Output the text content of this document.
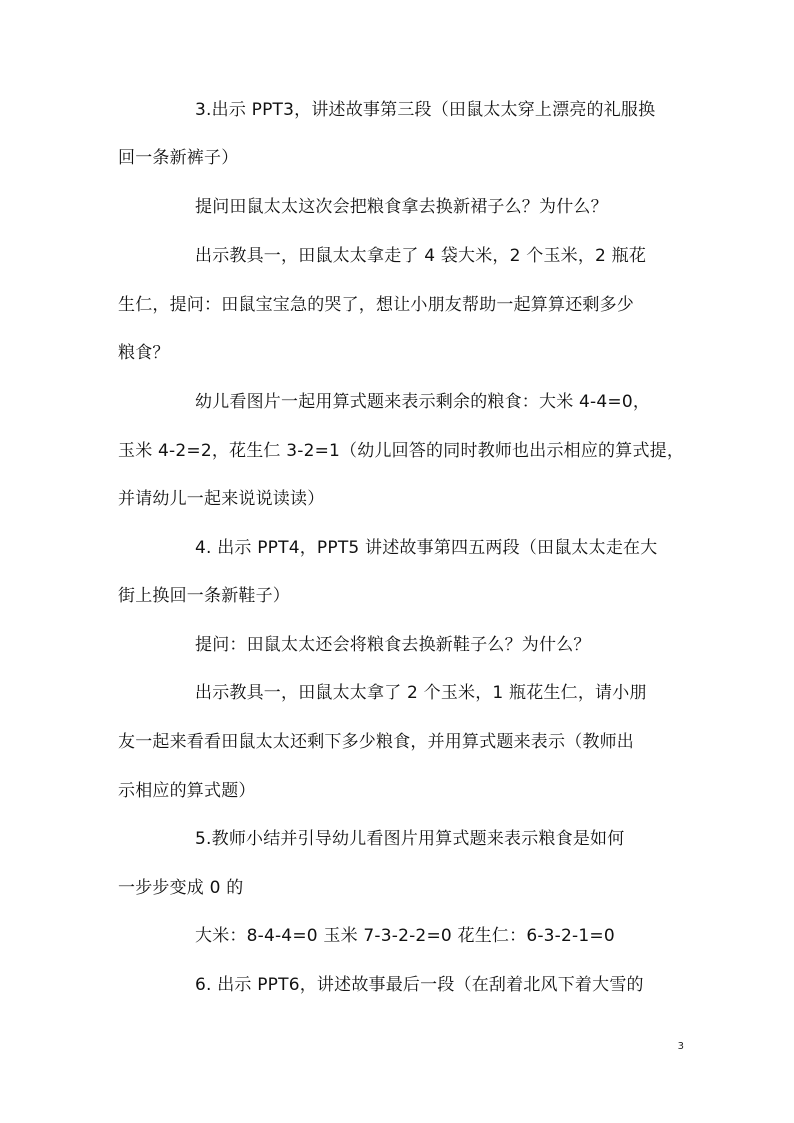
3.出示 PPT3，讲述故事第三段（田鼠太太穿上漂亮的礼服换
回一条新裤子）
提问田鼠太太这次会把粮食拿去换新裙子么？为什么？
出示教具一，田鼠太太拿走了 4 袋大米，2 个玉米，2 瓶花
生仁，提问：田鼠宝宝急的哭了，想让小朋友帮助一起算算还剩多少
粮食？
幼儿看图片一起用算式题来表示剩余的粮食：大米 4-4=0，
玉米 4-2=2，花生仁 3-2=1（幼儿回答的同时教师也出示相应的算式提，
并请幼儿一起来说说读读）
4. 出示 PPT4，PPT5 讲述故事第四五两段（田鼠太太走在大
街上换回一条新鞋子）
提问：田鼠太太还会将粮食去换新鞋子么？为什么？
出示教具一，田鼠太太拿了 2 个玉米，1 瓶花生仁，请小朋
友一起来看看田鼠太太还剩下多少粮食，并用算式题来表示（教师出
示相应的算式题）
5.教师小结并引导幼儿看图片用算式题来表示粮食是如何
一步步变成 0 的
大米：8-4-4=0 玉米 7-3-2-2=0 花生仁：6-3-2-1=0
6. 出示 PPT6，讲述故事最后一段（在刮着北风下着大雪的
3
